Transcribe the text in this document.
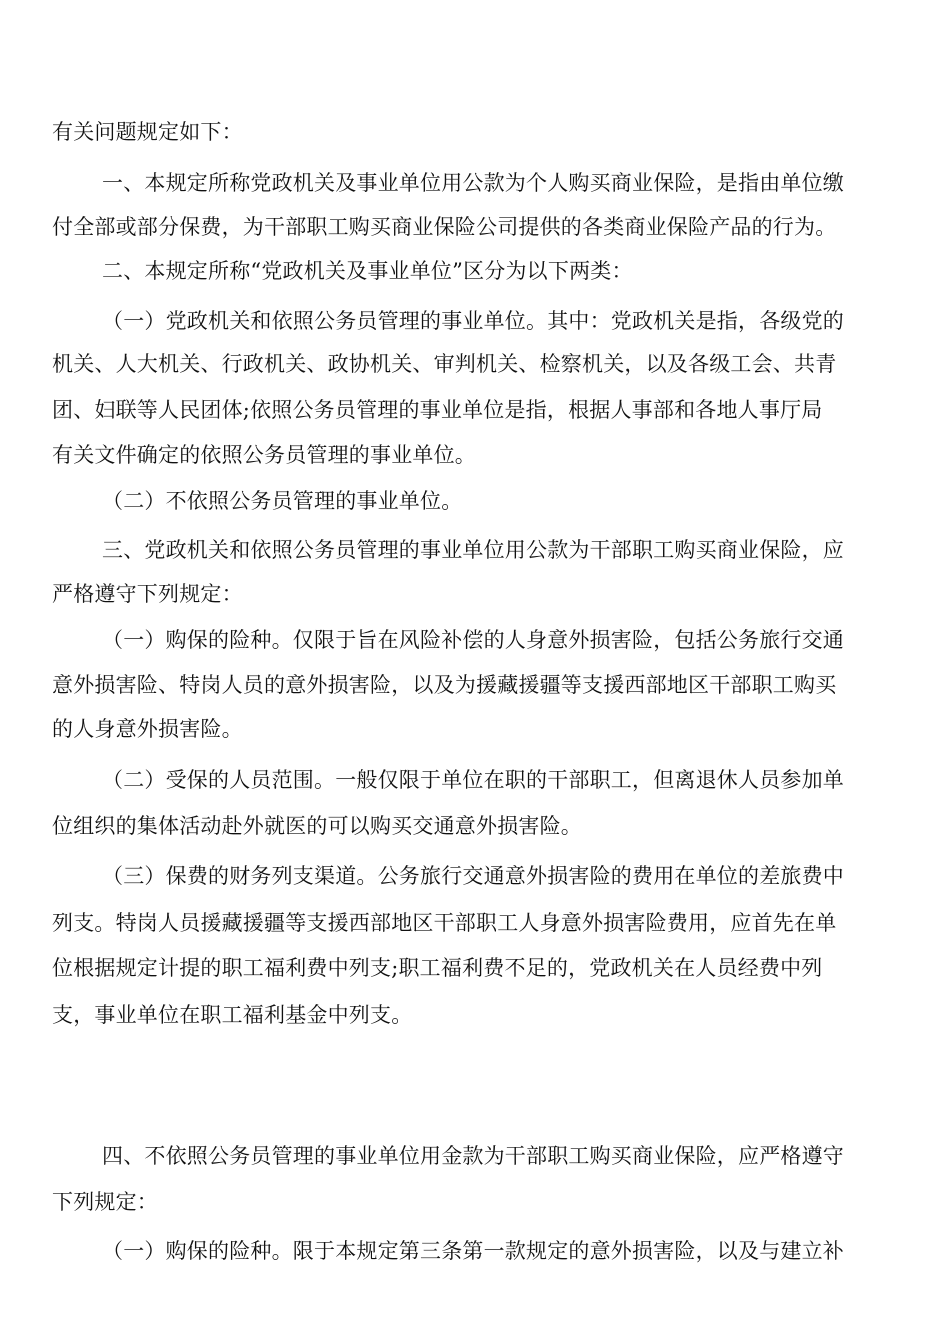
有关问题规定如下：
一、本规定所称党政机关及事业单位用公款为个人购买商业保险，是指由单位缴
付全部或部分保费，为干部职工购买商业保险公司提供的各类商业保险产品的行为。
二、本规定所称“党政机关及事业单位”区分为以下两类：
（一）党政机关和依照公务员管理的事业单位。其中：党政机关是指，各级党的
机关、人大机关、行政机关、政协机关、审判机关、检察机关，以及各级工会、共青
团、妇联等人民团体;依照公务员管理的事业单位是指，根据人事部和各地人事厅局
有关文件确定的依照公务员管理的事业单位。
（二）不依照公务员管理的事业单位。
三、党政机关和依照公务员管理的事业单位用公款为干部职工购买商业保险，应
严格遵守下列规定：
（一）购保的险种。仅限于旨在风险补偿的人身意外损害险，包括公务旅行交通
意外损害险、特岗人员的意外损害险，以及为援藏援疆等支援西部地区干部职工购买
的人身意外损害险。
（二）受保的人员范围。一般仅限于单位在职的干部职工，但离退休人员参加单
位组织的集体活动赴外就医的可以购买交通意外损害险。
（三）保费的财务列支渠道。公务旅行交通意外损害险的费用在单位的差旅费中
列支。特岗人员援藏援疆等支援西部地区干部职工人身意外损害险费用，应首先在单
位根据规定计提的职工福利费中列支;职工福利费不足的，党政机关在人员经费中列
支，事业单位在职工福利基金中列支。
四、不依照公务员管理的事业单位用金款为干部职工购买商业保险，应严格遵守
下列规定：
（一）购保的险种。限于本规定第三条第一款规定的意外损害险，以及与建立补
